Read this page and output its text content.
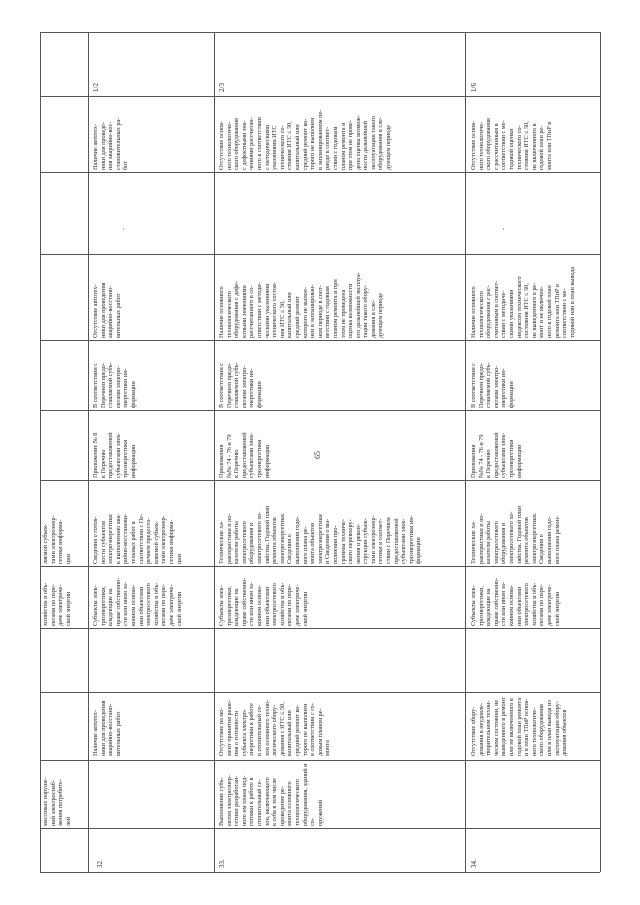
65
массовых наруше-
ний электроснаб-
жения потребите-
лей
хозяйства и объ-
ектами по пере-
даче электриче-
ской энергии
ляемой субъек-
тами электроэнер-
гетики информа-
ции
32.
Наличие автотех-
ники для проведения
аварийно-восстано-
вительных работ
Субъекты элек-
троэнергетики,
владеющие на
праве собственно-
сти или ином за-
конном основа-
нии объектами
электросетевого
хозяйства и объ-
ектами по пере-
даче электриче-
ской энергии
Сведения о готов-
ности субъектов
электроэнергетики
к выполнению ава-
рийно-восстанови-
тельных работ в
соответствии с Пе-
речнем предоста-
вляемой субъек-
тами электроэнер-
гетики информа-
ции
Приложение № 8
к Перечню
предоставляемой
субъектами элек-
троэнергетики
информации
В соответствии с
Перечнем предо-
ставляемой субъ-
ектами электро-
энергетики ин-
формации
Отсутствие автотех-
ники для проведения
аварийно-восстано-
вительных работ
-
Наличие автотех-
ники для проведе-
ния аварийно-вос-
становительных ра-
бот
1/2
33.
Выполнение субъ-
ектом электроэнер-
гетики разработан-
ного им плана под-
готовки к работе в
отопительный се-
зон, включающего
в себя в том числе
проведение ре-
монта основного
технологического
оборудования, зданий и со-
оружений
Отсутствие на мо-
мент принятия реше-
ния о готовности
субъекта электро-
энергетики к работе
в отопительный се-
зон основного техно-
логического обору-
дования с ИТС ≤ 50,
капитальный или
средний ремонт ко-
торого не выполнен
в соответствии с го-
довым планом ре-
монта
Субъекты элек-
троэнергетики,
владеющие на
праве собственно-
сти или ином за-
конном основа-
нии объектами
электросетевого
хозяйства и объ-
ектами по пере-
даче электриче-
ской энергии
Технические ха-
рактеристики и по-
казатели работы
электросетевого
оборудования и
электросетевого хо-
зяйства. Годовой план
ремонта объектов
электроэнергетики.
Сведения о
выполнении годо-
вого плана ре-
монта объектов
электроэнергетики
и Сведения о вы-
полнении про-
граммы техниче-
ского перевоору-
жения и рекон-
струкции субъек-
тами электроэнер-
гетики в соответ-
ствии с Перечнем
предоставляемой
субъектами элек-
троэнергетики ин-
формации
Приложения
№№ 74 - 76 и 79
к Перечню
предоставляемой
субъектами элек-
троэнергетики
информации
В соответствии с
Перечнем предо-
ставляемой субъ-
ектами электро-
энергетики ин-
формации
Наличие основного
технологического
оборудования с дефе-
ктными значениями
рассчитанного в со-
ответствии с методи-
ческими указаниями
технического состоя-
ния ИТС ≤ 50,
капитальный или
средний ремонт
которого не выпол-
нен в запланирован-
ном периоде в соот-
ветствии с годовым
планом ремонта и при
этом не проведена
оценка возможности
его дальнейшей эксплуа-
тации такого обору-
дования в сле-
дующем периоде
Отсутствие основ-
ного технологиче-
ского оборудования
с дефектными зна-
чениями рассчитан-
ного в соответствии
с методическими
указаниями ИТС
технического со-
стояния ИТС ≤ 50,
капитальный или
средний ремонт ко-
торого не выполнен
в запланированном пе-
риоде в соответ-
ствии с годовым
планом ремонта и
при этом не прове-
дена оценка возмож-
ности дальнейшей
эксплуатации такого
оборудования в сле-
дующем периоде
2/3
34.
Отсутствие обору-
дования в неудовле-
творительном техни-
ческом состоянии, не
выведенного в ремонт
или не включенного в
годовой план ремонта
и в план ТПиР основ-
ного технологиче-
ского оборудования
или в план вывода из
эксплуатации обору-
дования объектов
Субъекты элек-
троэнергетики,
владеющие на
праве собственно-
сти или ином за-
конном основа-
нии объектами
электросетевого
хозяйства и объ-
ектами по пере-
даче электриче-
ской энергии
Технические ха-
рактеристики и по-
казатели работы
электросетевого
оборудования и
электросетевого хо-
зяйства. Годовой план
ремонта объектов
электроэнергетики.
Сведения о
выполнении годо-
вого плана ремон-
Приложения
№№ 74 - 76 и 79
к Перечню
предоставляемой
субъектами элек-
троэнергетики
информации
В соответствии с
Перечнем предо-
ставляемой субъ-
ектами электро-
энергетики ин-
формации
Наличие основного
технологического
оборудования с рас-
считанным в соответ-
ствии с методиче-
скими указаниями
индексом технического
состояния ИТС ≤ 50,
не выведенного в ре-
монт и не включен-
ного в годовой план
ремонта или ТПиР в
соответствии с ме-
тодикой или в план вывода
-
Отсутствие основ-
ного технологиче-
ского оборудования
с рассчитанным в
соответствии с ме-
тодикой оценки
технического со-
стояния ИТС ≤ 50,
не включенного в
годовой план ре-
монта или ТПиР в
1/6
